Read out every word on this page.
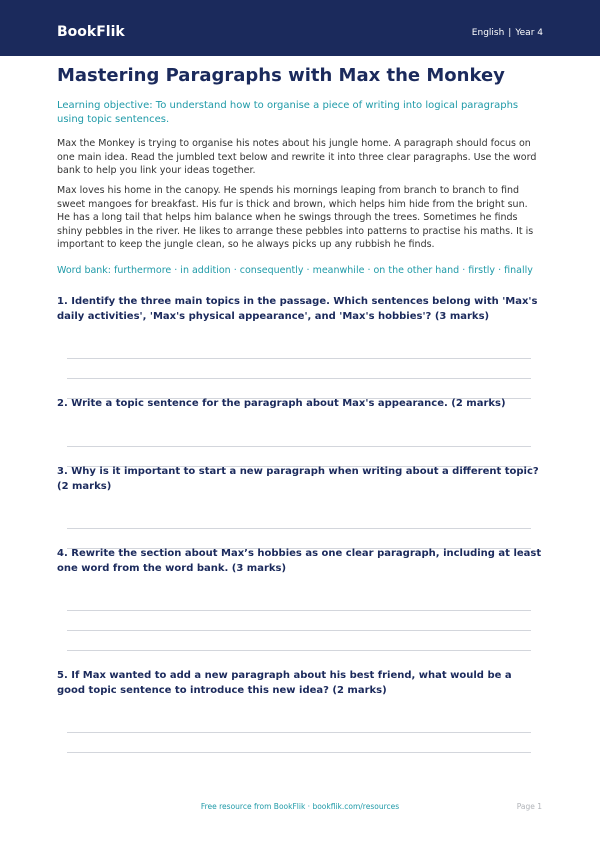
BookFlik	English | Year 4
Mastering Paragraphs with Max the Monkey
Learning objective: To understand how to organise a piece of writing into logical paragraphs using topic sentences.
Max the Monkey is trying to organise his notes about his jungle home. A paragraph should focus on one main idea. Read the jumbled text below and rewrite it into three clear paragraphs. Use the word bank to help you link your ideas together.
Max loves his home in the canopy. He spends his mornings leaping from branch to branch to find sweet mangoes for breakfast. His fur is thick and brown, which helps him hide from the bright sun. He has a long tail that helps him balance when he swings through the trees. Sometimes he finds shiny pebbles in the river. He likes to arrange these pebbles into patterns to practise his maths. It is important to keep the jungle clean, so he always picks up any rubbish he finds.
Word bank: furthermore · in addition · consequently · meanwhile · on the other hand · firstly · finally
1. Identify the three main topics in the passage. Which sentences belong with 'Max's daily activities', 'Max's physical appearance', and 'Max's hobbies'? (3 marks)
2. Write a topic sentence for the paragraph about Max's appearance. (2 marks)
3. Why is it important to start a new paragraph when writing about a different topic? (2 marks)
4. Rewrite the section about Max’s hobbies as one clear paragraph, including at least one word from the word bank. (3 marks)
5. If Max wanted to add a new paragraph about his best friend, what would be a good topic sentence to introduce this new idea? (2 marks)
Free resource from BookFlik · bookflik.com/resources	Page 1
